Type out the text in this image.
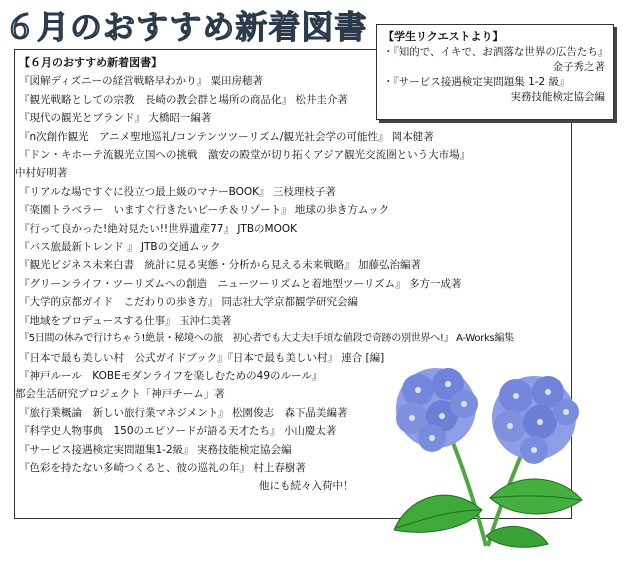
６月のおすすめ新着図書
【６月のおすすめ新着図書】
『図解ディズニーの経営戦略早わかり』 粟田房穂著
『観光戦略としての宗教　長崎の教会群と場所の商品化』 松井圭介著
『現代の観光とブランド』 大橋昭一編著
『n次創作観光　アニメ聖地巡礼/コンテンツツーリズム/観光社会学の可能性』 岡本健著
『ドン・キホーテ流観光立国への挑戦　激安の殿堂が切り拓くアジア観光交流圏という大市場』
中村好明著
『リアルな場ですぐに役立つ最上級のマナーBOOK』 三枝理枝子著
『楽園トラベラー　いますぐ行きたいビーチ＆リゾート』 地球の歩き方ムック
『行って良かった!絶対見たい!!世界遺産77』 JTBのMOOK
『バス旅最新トレンド 』 JTBの交通ムック
『観光ビジネス未来白書　統計に見る実態・分析から見える未来戦略』 加藤弘治編著
『グリーンライフ・ツーリズムへの創造　ニューツーリズムと着地型ツーリズム』 多方一成著
『大学的京都ガイド　こだわりの歩き方』 同志社大学京都観学研究会編
『地域をプロデュースする仕事』 玉沖仁美著
『5日間の休みで行けちゃう!絶景・秘境への旅　初心者でも大丈夫!手頃な値段で奇跡の別世界へ!』 A-Works編集
『日本で最も美しい村　公式ガイドブック』『日本で最も美しい村』 連合 [編]
『神戸ルール　KOBEモダンライフを楽しむための49のルール』
都会生活研究プロジェクト「神戸チーム」著
『旅行業概論　新しい旅行業マネジメント』 松園俊志　森下晶美編著
『科学史人物事典　150のエピソードが語る天才たち』 小山慶太著
『サービス接遇検定実問題集1-2級』 実務技能検定協会編
『色彩を持たない多崎つくると、彼の巡礼の年』 村上春樹著
他にも続々入荷中！
【学生リクエストより】
・『知的で、イキで、お洒落な世界の広告たち』
金子秀之著
・『サービス接遇検定実問題集 1-2 級』
実務技能検定協会編
